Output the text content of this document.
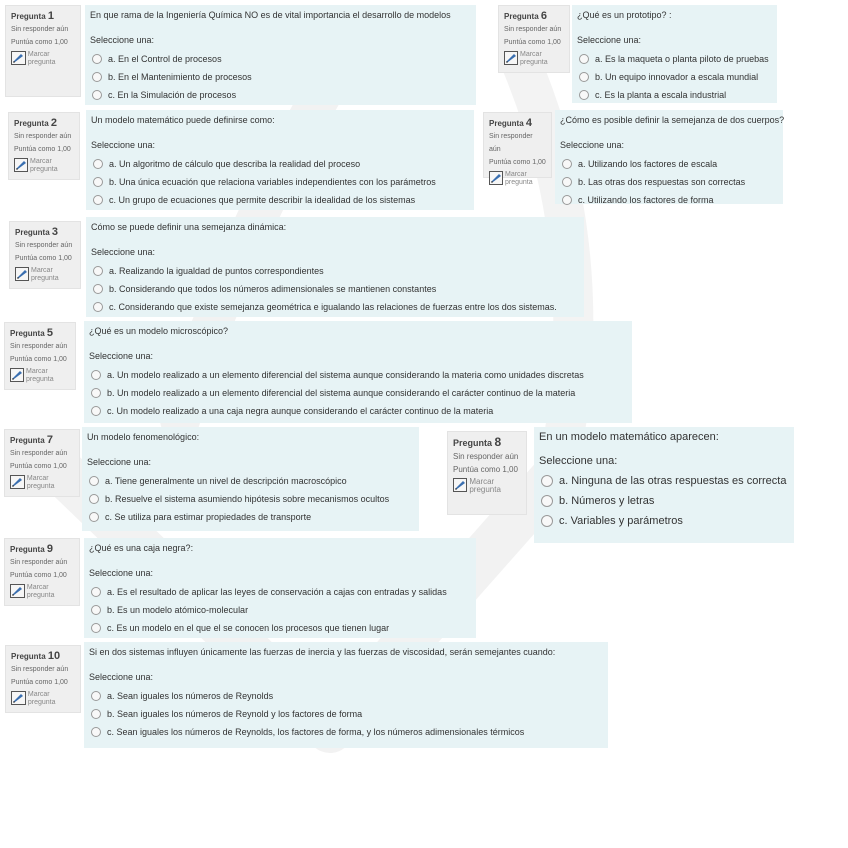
Pregunta 1
Sin responder aún
Puntúa como 1,00
Marcar pregunta
En que rama de la Ingeniería Química NO es de vital importancia el desarrollo de modelos
Seleccione una:
a. En el Control de procesos
b. En el Mantenimiento de procesos
c. En la Simulación de procesos
Pregunta 6
Sin responder aún
Puntúa como 1,00
Marcar pregunta
¿Qué es un prototipo? :
Seleccione una:
a. Es la maqueta o planta piloto de pruebas
b. Un equipo innovador a escala mundial
c. Es la planta a escala industrial
Pregunta 2
Sin responder aún
Puntúa como 1,00
Marcar pregunta
Un modelo matemático puede definirse como:
Seleccione una:
a. Un algoritmo de cálculo que describa la realidad del proceso
b. Una única ecuación que relaciona variables independientes con los parámetros
c. Un grupo de ecuaciones que permite describir la idealidad de los sistemas
Pregunta 4
Sin responder aún
Puntúa como 1,00
Marcar pregunta
¿Cómo es posible definir la semejanza de dos cuerpos?
Seleccione una:
a. Utilizando los factores de escala
b. Las otras dos respuestas son correctas
c. Utilizando los factores de forma
Pregunta 3
Sin responder aún
Puntúa como 1,00
Marcar pregunta
Cómo se puede definir una semejanza dinámica:
Seleccione una:
a. Realizando la igualdad de puntos correspondientes
b. Considerando que todos los números adimensionales se mantienen constantes
c. Considerando que existe semejanza geométrica e igualando las relaciones de fuerzas entre los dos sistemas.
Pregunta 5
Sin responder aún
Puntúa como 1,00
Marcar pregunta
¿Qué es un modelo microscópico?
Seleccione una:
a. Un modelo realizado a un elemento diferencial del sistema aunque considerando la materia como unidades discretas
b. Un modelo realizado a un elemento diferencial del sistema aunque considerando el carácter continuo de la materia
c. Un modelo realizado a una caja negra aunque considerando el carácter continuo de la materia
Pregunta 7
Sin responder aún
Puntúa como 1,00
Marcar pregunta
Un modelo fenomenológico:
Seleccione una:
a. Tiene generalmente un nivel de descripción macroscópico
b. Resuelve el sistema asumiendo hipótesis sobre mecanismos ocultos
c. Se utiliza para estimar propiedades de transporte
Pregunta 8
Sin responder aún
Puntúa como 1,00
Marcar pregunta
En un modelo matemático aparecen:
Seleccione una:
a. Ninguna de las otras respuestas es correcta
b. Números y letras
c. Variables y parámetros
Pregunta 9
Sin responder aún
Puntúa como 1,00
Marcar pregunta
¿Qué es una caja negra?:
Seleccione una:
a. Es el resultado de aplicar las leyes de conservación a cajas con entradas y salidas
b. Es un modelo atómico-molecular
c. Es un modelo en el que el se conocen los procesos que tienen lugar
Pregunta 10
Sin responder aún
Puntúa como 1,00
Marcar pregunta
Si en dos sistemas influyen únicamente las fuerzas de inercia y las fuerzas de viscosidad, serán semejantes cuando:
Seleccione una:
a. Sean iguales los números de Reynolds
b. Sean iguales los números de Reynold y los factores de forma
c. Sean iguales los números de Reynolds, los factores de forma, y los números adimensionales térmicos
